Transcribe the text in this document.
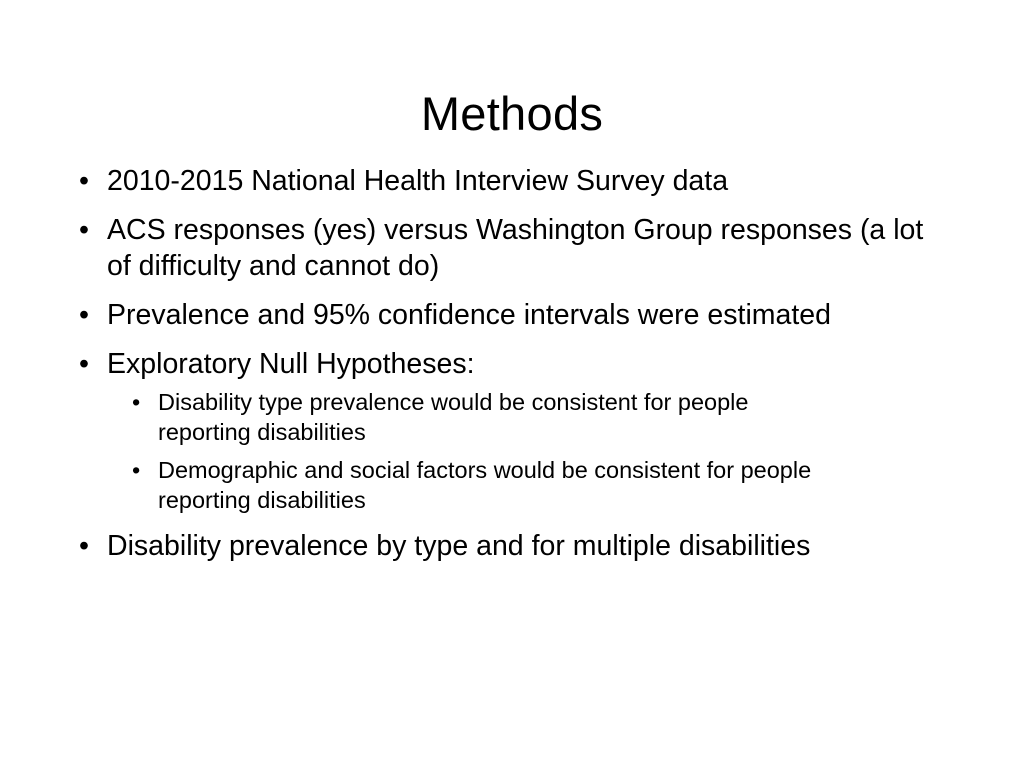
Methods
• 2010-2015 National Health Interview Survey data
• ACS responses (yes) versus Washington Group responses (a lot of difficulty and cannot do)
• Prevalence and 95% confidence intervals were estimated
• Exploratory Null Hypotheses:
• Disability type prevalence would be consistent for people reporting disabilities
• Demographic and social factors would be consistent for people reporting disabilities
• Disability prevalence by type and for multiple disabilities
